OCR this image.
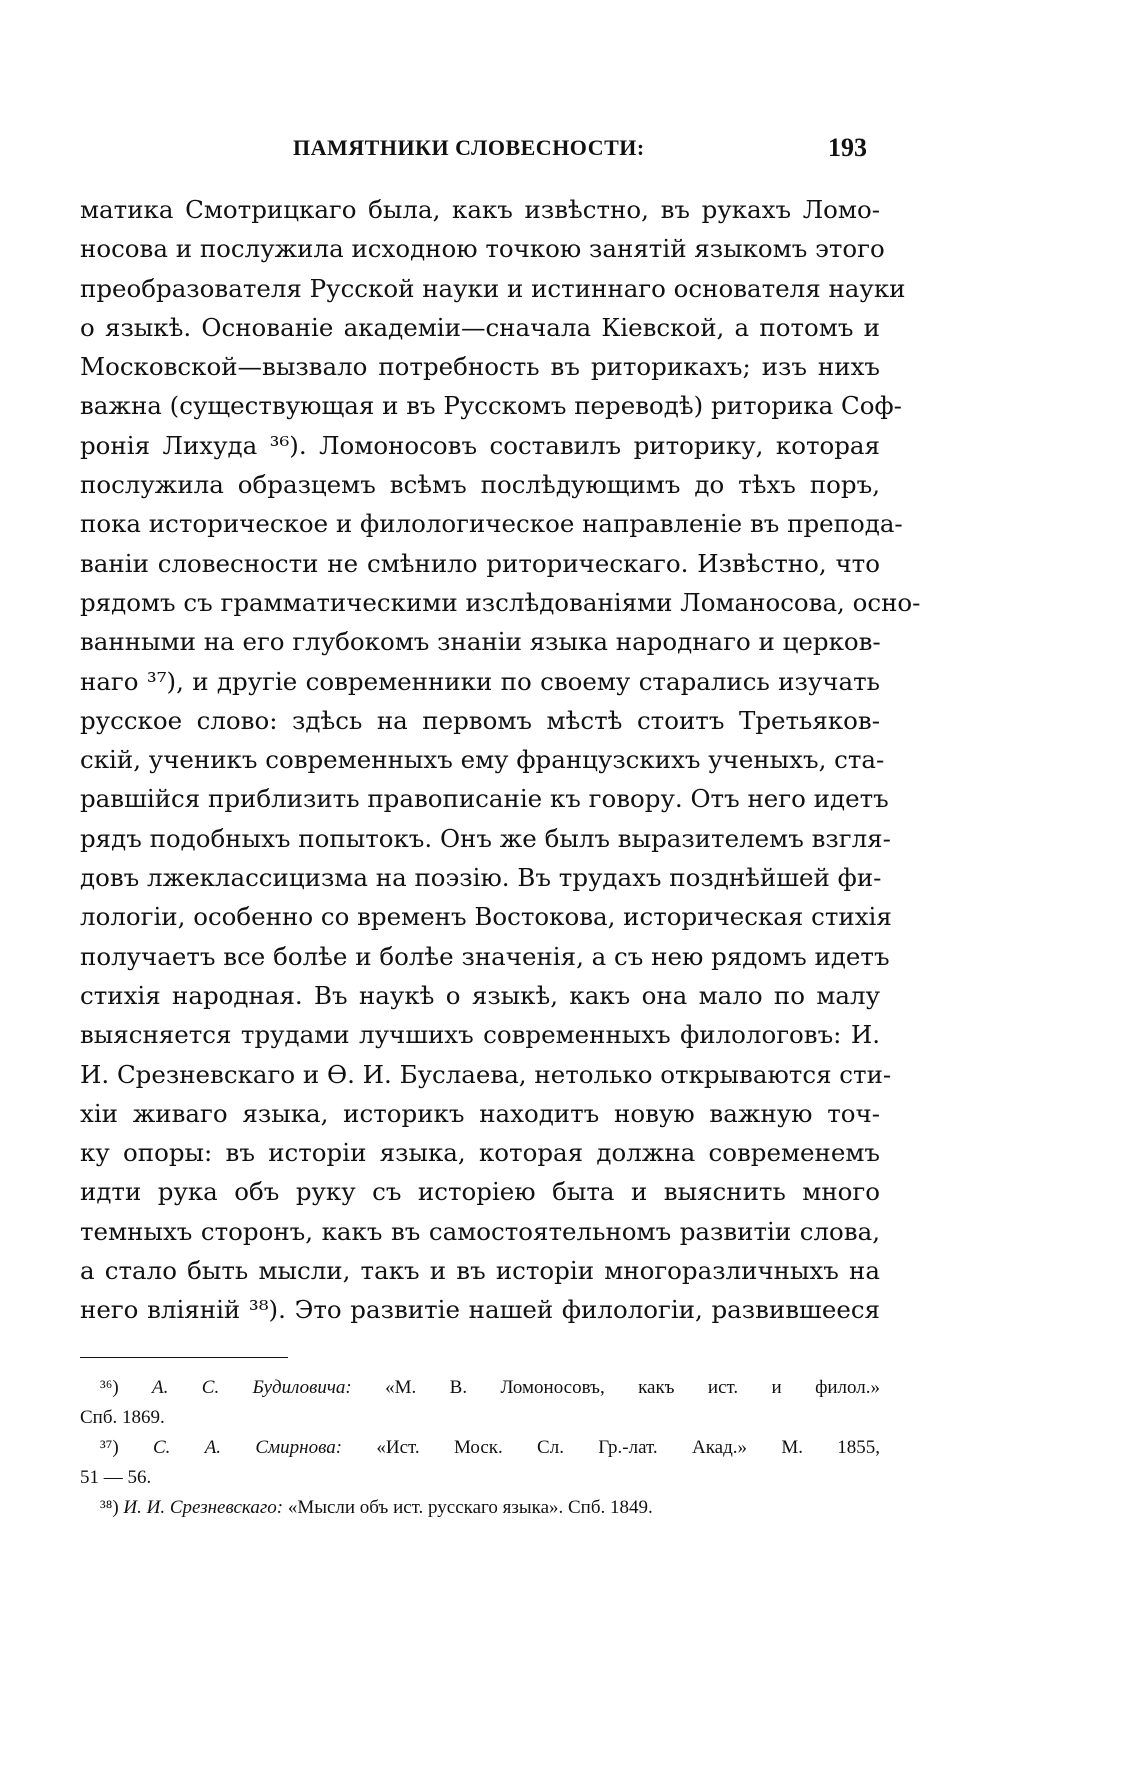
ПАМЯТНИКИ СЛОВЕСНОСТИ:	193
матика Смотрицкаго была, какъ извѣстно, въ рукахъ Ломо-
носова и послужила исходною точкою занятій языкомъ этого
преобразователя Русской науки и истиннаго основателя науки
о языкѣ. Основаніе академіи—сначала Кіевской, а потомъ и
Московской—вызвало потребность въ риторикахъ; изъ нихъ
важна (существующая и въ Русскомъ переводѣ) риторика Соф-
ронія Лихуда ³⁶). Ломоносовъ составилъ риторику, которая
послужила образцемъ всѣмъ послѣдующимъ до тѣхъ поръ,
пока историческое и филологическое направленіе въ препода-
ваніи словесности не смѣнило риторическаго. Извѣстно, что
рядомъ съ грамматическими изслѣдованіями Ломаносова, осно-
ванными на его глубокомъ знаніи языка народнаго и церков-
наго ³⁷), и другіе современники по своему старались изучать
русское слово: здѣсь на первомъ мѣстѣ стоитъ Третьяков-
скій, ученикъ современныхъ ему французскихъ ученыхъ, ста-
равшійся приблизить правописаніе къ говору. Отъ него идетъ
рядъ подобныхъ попытокъ. Онъ же былъ выразителемъ взгля-
довъ лжеклассицизма на поэзію. Въ трудахъ позднѣйшей фи-
лологіи, особенно со временъ Востокова, историческая стихія
получаетъ все болѣе и болѣе значенія, а съ нею рядомъ идетъ
стихія народная. Въ наукѣ о языкѣ, какъ она мало по малу
выясняется трудами лучшихъ современныхъ филологовъ: И.
И. Срезневскаго и Ѳ. И. Буслаева, нетолько открываются сти-
хіи живаго языка, историкъ находитъ новую важную точ-
ку опоры: въ исторіи языка, которая должна современемъ
идти рука объ руку съ исторіею быта и выяснить много
темныхъ сторонъ, какъ въ самостоятельномъ развитіи слова,
а стало быть мысли, такъ и въ исторіи многоразличныхъ на
него вліяній ³⁸). Это развитіе нашей филологіи, развившееся
³⁶) А. С. Будиловича: «М. В. Ломоносовъ, какъ ист. и филол.»
Спб. 1869.
³⁷) С. А. Смирнова: «Ист. Моск. Сл. Гр.-лат. Акад.» М. 1855,
51 — 56.
³⁸) И. И. Срезневскаго: «Мысли объ ист. русскаго языка». Спб. 1849.
